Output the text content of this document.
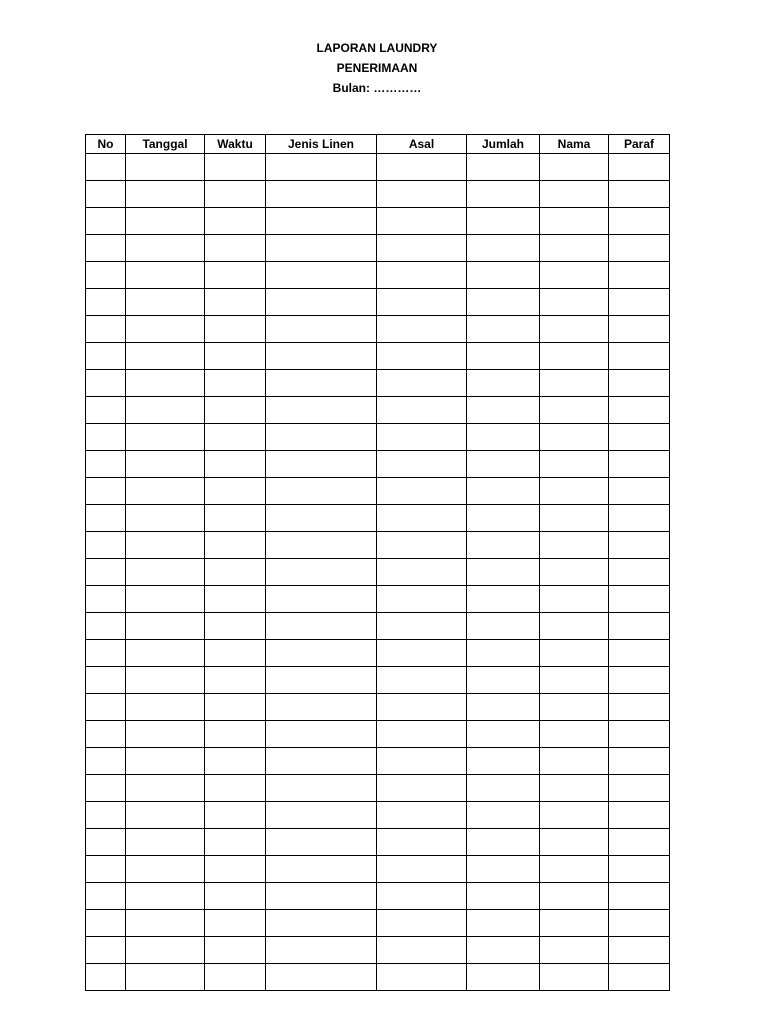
LAPORAN LAUNDRY
PENERIMAAN
Bulan: …………
No	Tanggal	Waktu	Jenis Linen	Asal	Jumlah	Nama	Paraf
